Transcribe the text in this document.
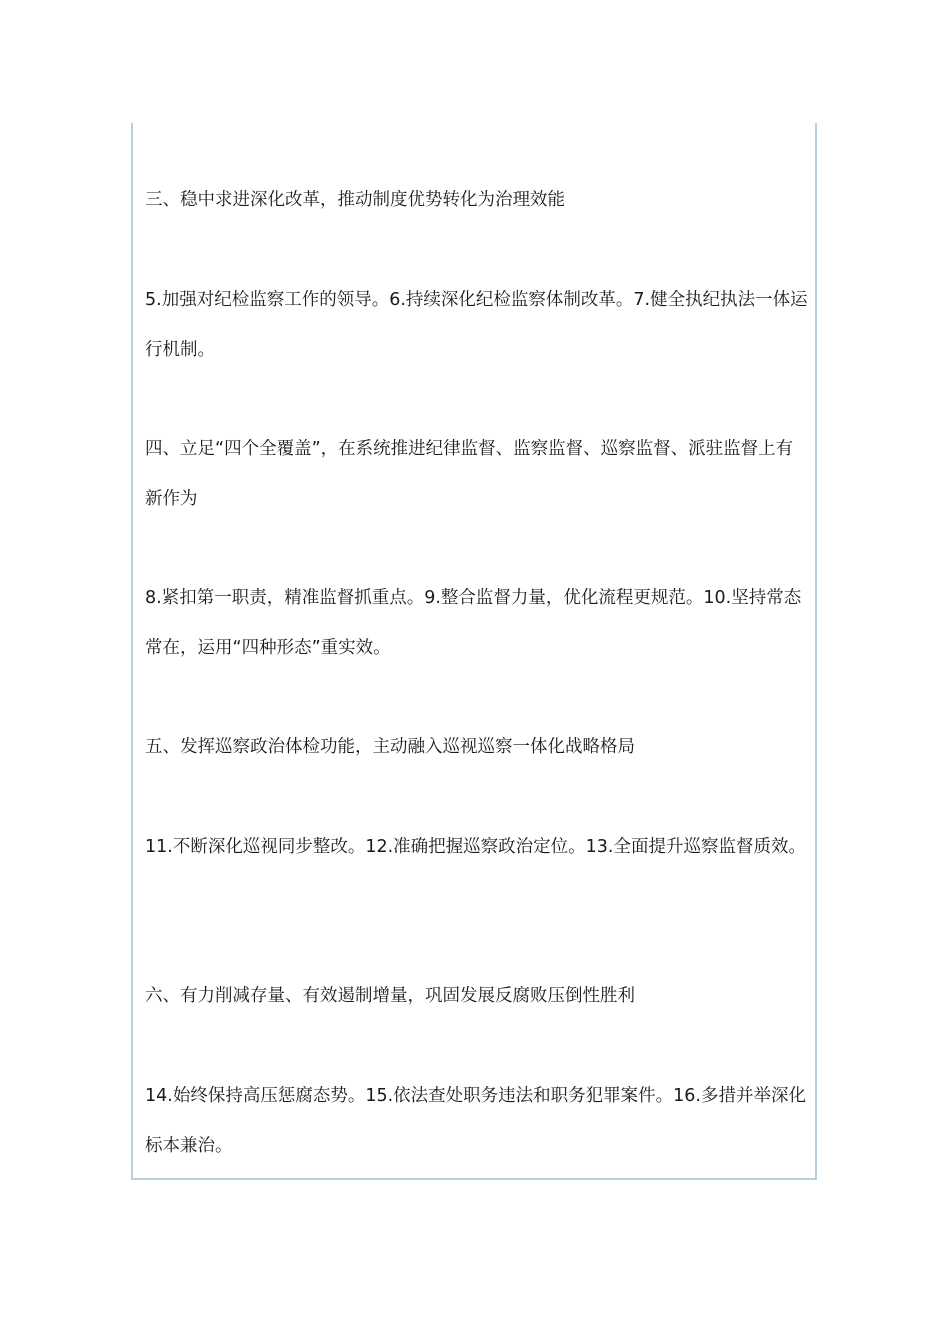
三、稳中求进深化改革，推动制度优势转化为治理效能

5.加强对纪检监察工作的领导。6.持续深化纪检监察体制改革。7.健全执纪执法一体运行机制。

四、立足“四个全覆盖”，在系统推进纪律监督、监察监督、巡察监督、派驻监督上有新作为

8.紧扣第一职责，精准监督抓重点。9.整合监督力量，优化流程更规范。10.坚持常态常在，运用“四种形态”重实效。

五、发挥巡察政治体检功能，主动融入巡视巡察一体化战略格局

11.不断深化巡视同步整改。12.准确把握巡察政治定位。13.全面提升巡察监督质效。

六、有力削减存量、有效遏制增量，巩固发展反腐败压倒性胜利

14.始终保持高压惩腐态势。15.依法查处职务违法和职务犯罪案件。16.多措并举深化标本兼治。
